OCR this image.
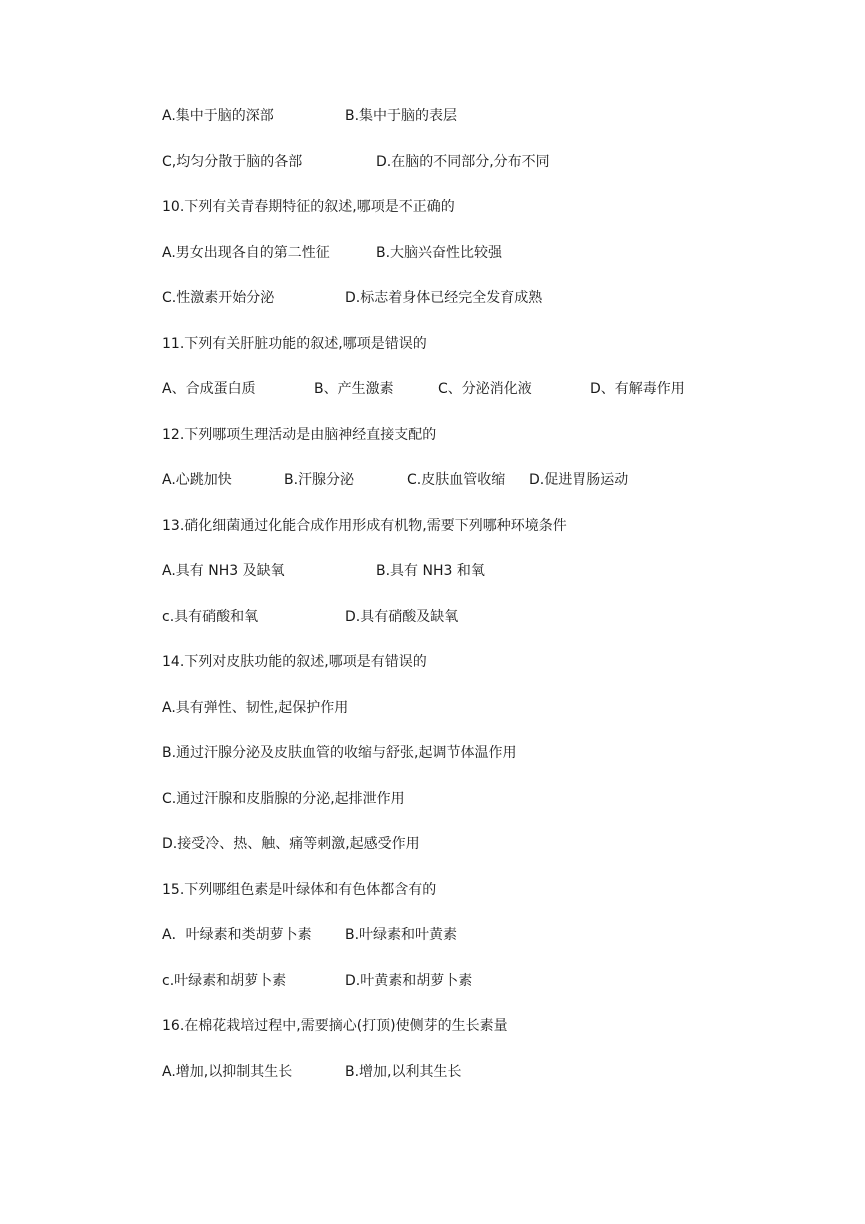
A.集中于脑的深部	B.集中于脑的表层
C,均匀分散于脑的各部	D.在脑的不同部分,分布不同
10.下列有关青春期特征的叙述,哪项是不正确的
A.男女出现各自的第二性征	B.大脑兴奋性比较强
C.性激素开始分泌	D.标志着身体已经完全发育成熟
11.下列有关肝脏功能的叙述,哪项是错误的
A、合成蛋白质	B、产生激素	C、分泌消化液	D、有解毒作用
12.下列哪项生理活动是由脑神经直接支配的
A.心跳加快	B.汗腺分泌	C.皮肤血管收缩 D.促进胃肠运动
13.硝化细菌通过化能合成作用形成有机物,需要下列哪种环境条件
A.具有 NH3 及缺氧	B.具有 NH3 和氧
c.具有硝酸和氧	D.具有硝酸及缺氧
14.下列对皮肤功能的叙述,哪项是有错误的
A.具有弹性、韧性,起保护作用
B.通过汗腺分泌及皮肤血管的收缩与舒张,起调节体温作用
C.通过汗腺和皮脂腺的分泌,起排泄作用
D.接受冷、热、触、痛等刺激,起感受作用
15.下列哪组色素是叶绿体和有色体都含有的
A．叶绿素和类胡萝卜素 B.叶绿素和叶黄素
c.叶绿素和胡萝卜素	D.叶黄素和胡萝卜素
16.在棉花栽培过程中,需要摘心(打顶)使侧芽的生长素量
A.增加,以抑制其生长	B.增加,以利其生长
